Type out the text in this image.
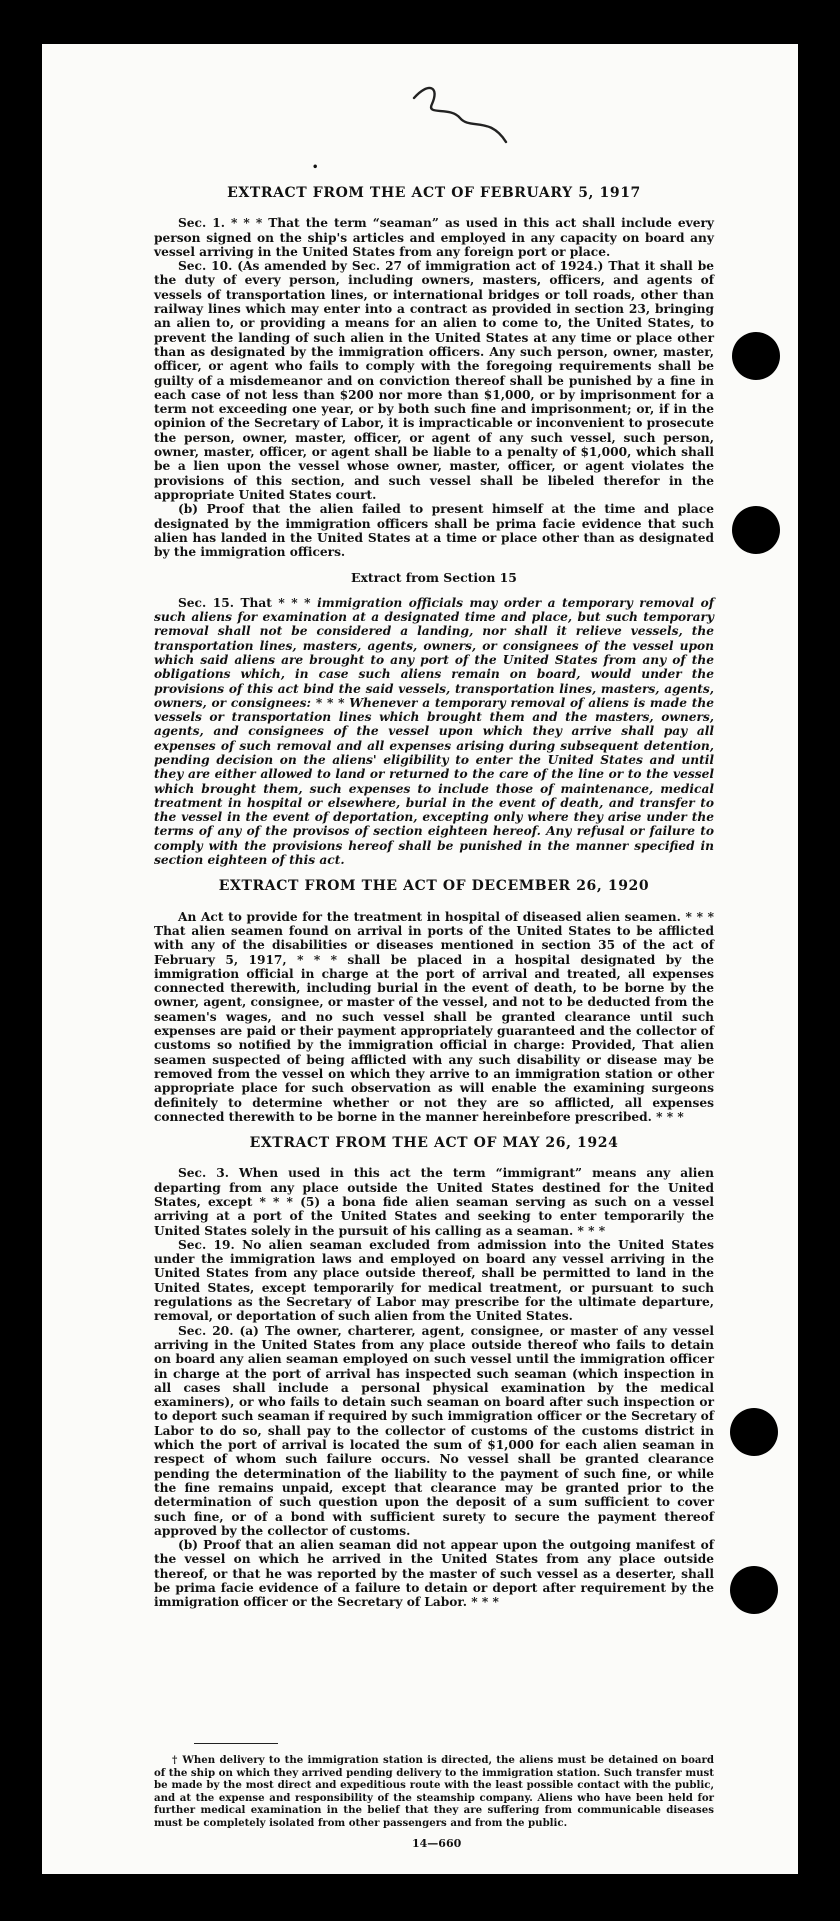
•
EXTRACT FROM THE ACT OF FEBRUARY 5, 1917

Sec. 1. * * * That the term “seaman” as used in this act shall include every person signed on the ship's articles and employed in any capacity on board any vessel arriving in the United States from any foreign port or place.

Sec. 10. (As amended by Sec. 27 of immigration act of 1924.) That it shall be the duty of every person, including owners, masters, officers, and agents of vessels of transportation lines, or international bridges or toll roads, other than railway lines which may enter into a contract as provided in section 23, bringing an alien to, or providing a means for an alien to come to, the United States, to prevent the landing of such alien in the United States at any time or place other than as designated by the immigration officers. Any such person, owner, master, officer, or agent who fails to comply with the foregoing requirements shall be guilty of a misdemeanor and on conviction thereof shall be punished by a fine in each case of not less than $200 nor more than $1,000, or by imprisonment for a term not exceeding one year, or by both such fine and imprisonment; or, if in the opinion of the Secretary of Labor, it is impracticable or inconvenient to prosecute the person, owner, master, officer, or agent of any such vessel, such person, owner, master, officer, or agent shall be liable to a penalty of $1,000, which shall be a lien upon the vessel whose owner, master, officer, or agent violates the provisions of this section, and such vessel shall be libeled therefor in the appropriate United States court.

(b) Proof that the alien failed to present himself at the time and place designated by the immigration officers shall be prima facie evidence that such alien has landed in the United States at a time or place other than as designated by the immigration officers.

Extract from Section 15

Sec. 15. That * * * immigration officials may order a temporary removal of such aliens for examination at a designated time and place, but such temporary removal shall not be considered a landing, nor shall it relieve vessels, the transportation lines, masters, agents, owners, or consignees of the vessel upon which said aliens are brought to any port of the United States from any of the obligations which, in case such aliens remain on board, would under the provisions of this act bind the said vessels, transportation lines, masters, agents, owners, or consignees: * * * Whenever a temporary removal of aliens is made the vessels or transportation lines which brought them and the masters, owners, agents, and consignees of the vessel upon which they arrive shall pay all expenses of such removal and all expenses arising during subsequent detention, pending decision on the aliens' eligibility to enter the United States and until they are either allowed to land or returned to the care of the line or to the vessel which brought them, such expenses to include those of maintenance, medical treatment in hospital or elsewhere, burial in the event of death, and transfer to the vessel in the event of deportation, excepting only where they arise under the terms of any of the provisos of section eighteen hereof. Any refusal or failure to comply with the provisions hereof shall be punished in the manner specified in section eighteen of this act.

EXTRACT FROM THE ACT OF DECEMBER 26, 1920

An Act to provide for the treatment in hospital of diseased alien seamen. * * * That alien seamen found on arrival in ports of the United States to be afflicted with any of the disabilities or diseases mentioned in section 35 of the act of February 5, 1917, * * * shall be placed in a hospital designated by the immigration official in charge at the port of arrival and treated, all expenses connected therewith, including burial in the event of death, to be borne by the owner, agent, consignee, or master of the vessel, and not to be deducted from the seamen's wages, and no such vessel shall be granted clearance until such expenses are paid or their payment appropriately guaranteed and the collector of customs so notified by the immigration official in charge: Provided, That alien seamen suspected of being afflicted with any such disability or disease may be removed from the vessel on which they arrive to an immigration station or other appropriate place for such observation as will enable the examining surgeons definitely to determine whether or not they are so afflicted, all expenses connected therewith to be borne in the manner hereinbefore prescribed. * * *

EXTRACT FROM THE ACT OF MAY 26, 1924

Sec. 3. When used in this act the term “immigrant” means any alien departing from any place outside the United States destined for the United States, except * * * (5) a bona fide alien seaman serving as such on a vessel arriving at a port of the United States and seeking to enter temporarily the United States solely in the pursuit of his calling as a seaman. * * *

Sec. 19. No alien seaman excluded from admission into the United States under the immigration laws and employed on board any vessel arriving in the United States from any place outside thereof, shall be permitted to land in the United States, except temporarily for medical treatment, or pursuant to such regulations as the Secretary of Labor may prescribe for the ultimate departure, removal, or deportation of such alien from the United States.

Sec. 20. (a) The owner, charterer, agent, consignee, or master of any vessel arriving in the United States from any place outside thereof who fails to detain on board any alien seaman employed on such vessel until the immigration officer in charge at the port of arrival has inspected such seaman (which inspection in all cases shall include a personal physical examination by the medical examiners), or who fails to detain such seaman on board after such inspection or to deport such seaman if required by such immigration officer or the Secretary of Labor to do so, shall pay to the collector of customs of the customs district in which the port of arrival is located the sum of $1,000 for each alien seaman in respect of whom such failure occurs. No vessel shall be granted clearance pending the determination of the liability to the payment of such fine, or while the fine remains unpaid, except that clearance may be granted prior to the determination of such question upon the deposit of a sum sufficient to cover such fine, or of a bond with sufficient surety to secure the payment thereof approved by the collector of customs.

(b) Proof that an alien seaman did not appear upon the outgoing manifest of the vessel on which he arrived in the United States from any place outside thereof, or that he was reported by the master of such vessel as a deserter, shall be prima facie evidence of a failure to detain or deport after requirement by the immigration officer or the Secretary of Labor. * * *

† When delivery to the immigration station is directed, the aliens must be detained on board of the ship on which they arrived pending delivery to the immigration station. Such transfer must be made by the most direct and expeditious route with the least possible contact with the public, and at the expense and responsibility of the steamship company. Aliens who have been held for further medical examination in the belief that they are suffering from communicable diseases must be completely isolated from other passengers and from the public.
14—660
